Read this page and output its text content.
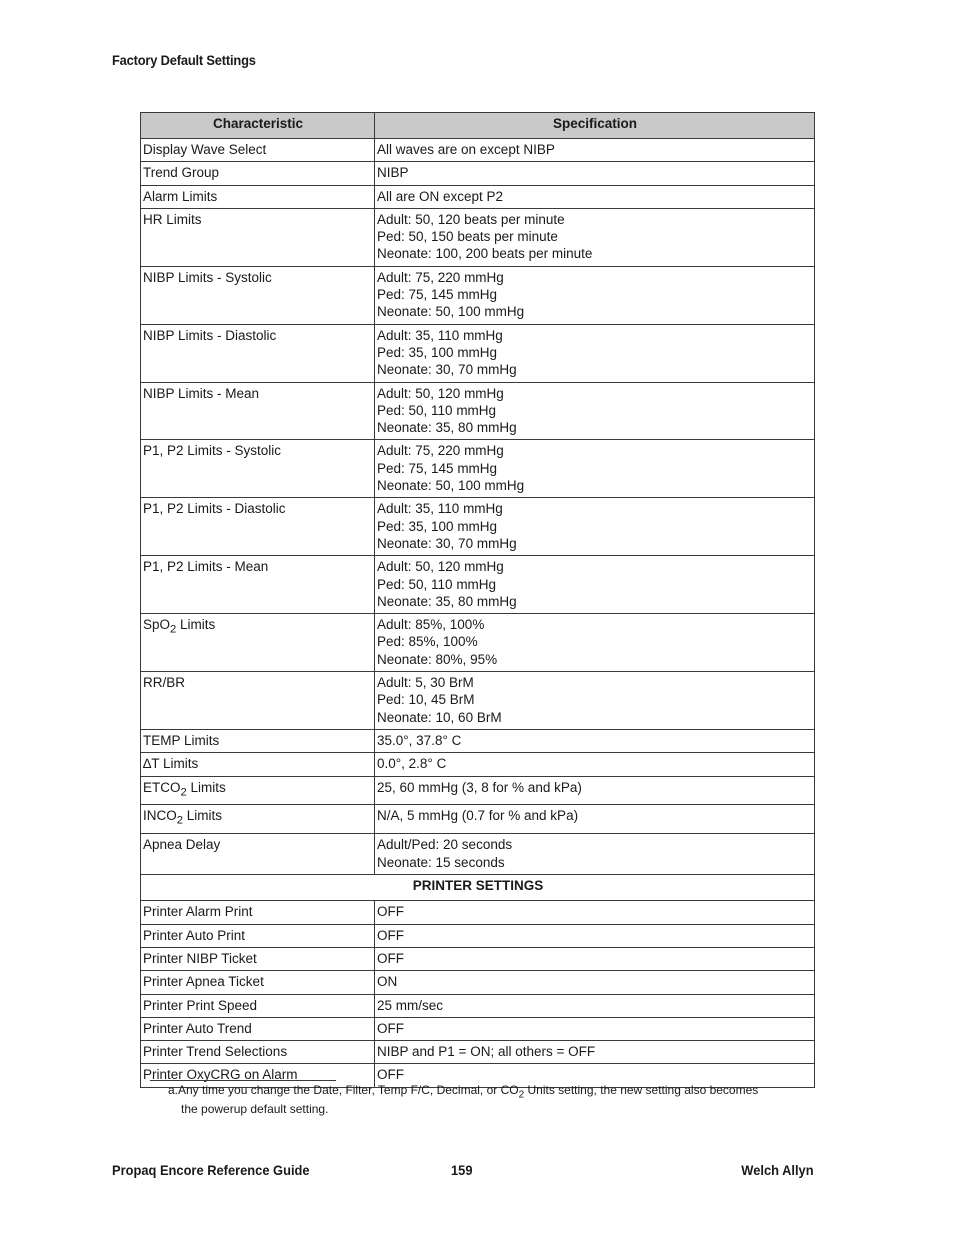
Factory Default Settings
Characteristic	Specification
Display Wave Select	All waves are on except NIBP

Trend Group	NIBP

Alarm Limits	All are ON except P2

HR Limits	Adult: 50, 120 beats per minute
Ped: 50, 150 beats per minute
Neonate: 100, 200 beats per minute

NIBP Limits - Systolic	Adult: 75, 220 mmHg
Ped: 75, 145 mmHg
Neonate: 50, 100 mmHg

NIBP Limits - Diastolic	Adult: 35, 110 mmHg
Ped: 35, 100 mmHg
Neonate: 30, 70 mmHg

NIBP Limits - Mean	Adult: 50, 120 mmHg
Ped: 50, 110 mmHg
Neonate: 35, 80 mmHg

P1, P2 Limits - Systolic	Adult: 75, 220 mmHg
Ped: 75, 145 mmHg
Neonate: 50, 100 mmHg

P1, P2 Limits - Diastolic	Adult: 35, 110 mmHg
Ped: 35, 100 mmHg
Neonate: 30, 70 mmHg

P1, P2 Limits - Mean	Adult: 50, 120 mmHg
Ped: 50, 110 mmHg
Neonate: 35, 80 mmHg

SpO$_2$ Limits	Adult: 85%, 100%
Ped: 85%, 100%
Neonate: 80%, 95%

RR/BR	Adult: 5, 30 BrM
Ped: 10, 45 BrM
Neonate: 10, 60 BrM

TEMP Limits	35.0°, 37.8° C

∆T Limits	0.0°, 2.8° C

$ETCO_2$ Limits	25, 60 mmHg (3, 8 for % and kPa)

$INCO_2$ Limits	N/A, 5 mmHg (0.7 for % and kPa)

Apnea Delay	Adult/Ped: 20 seconds
Neonate: 15 seconds

PRINTER SETTINGS	
Printer Alarm Print	OFF

Printer Auto Print	OFF

Printer NIBP Ticket	OFF

Printer Apnea Ticket	ON

Printer Print Speed	25 mm/sec

Printer Auto Trend	OFF

Printer Trend Selections	NIBP and P1 = ON; all others = OFF

Printer OxyCRG on Alarm	OFF
a.Any time you change the Date, Filter, Temp F/C, Decimal, or $CO_2$ Units setting, the new setting also becomes
the powerup default setting.
Propaq Encore Reference Guide	159	Welch Allyn
